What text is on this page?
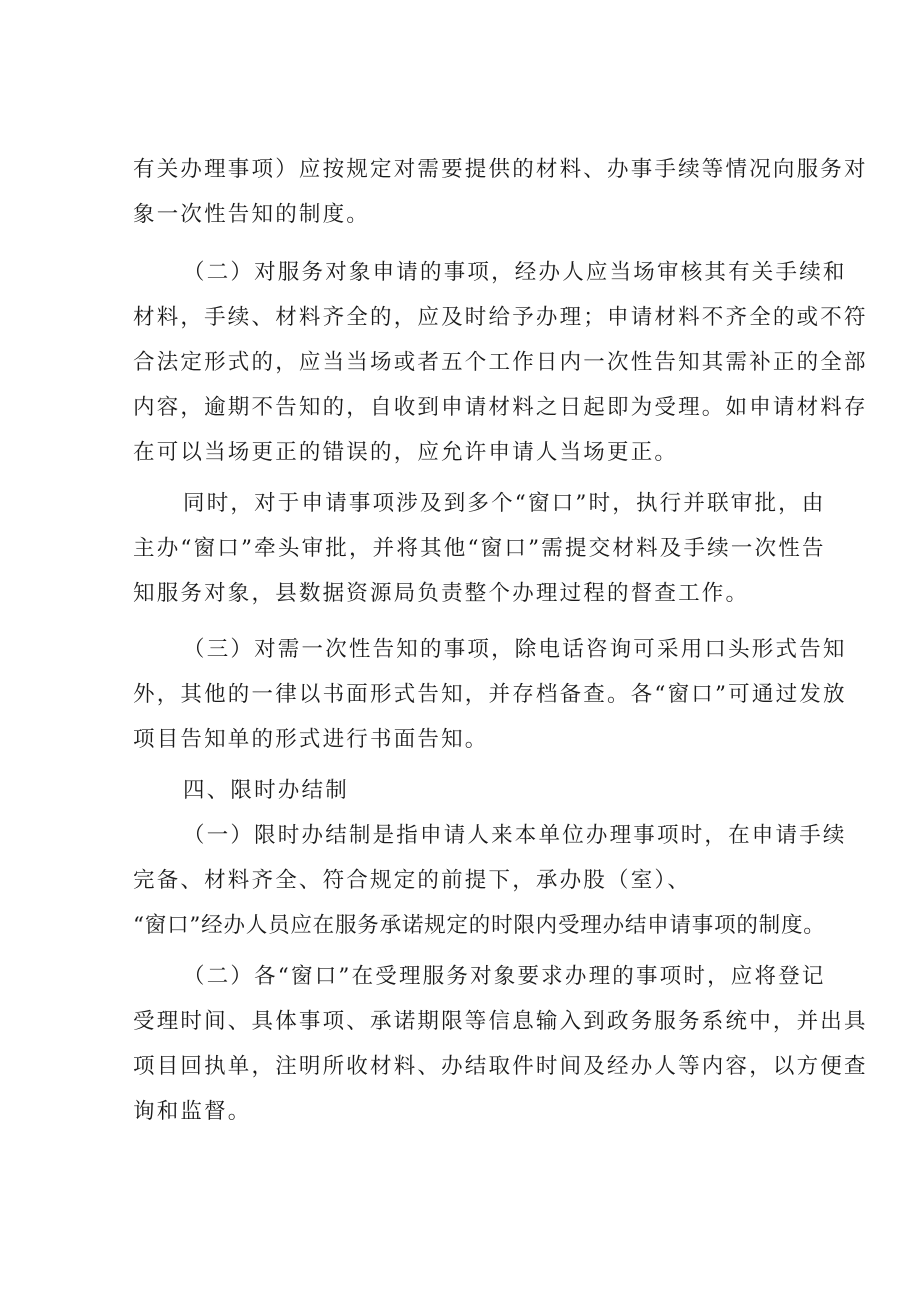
有关办理事项）应按规定对需要提供的材料、办事手续等情况向服务对
象一次性告知的制度。
（二）对服务对象申请的事项，经办人应当场审核其有关手续和
材料，手续、材料齐全的，应及时给予办理；申请材料不齐全的或不符
合法定形式的，应当当场或者五个工作日内一次性告知其需补正的全部
内容，逾期不告知的，自收到申请材料之日起即为受理。如申请材料存
在可以当场更正的错误的，应允许申请人当场更正。
同时，对于申请事项涉及到多个“窗口”时，执行并联审批，由
主办“窗口”牵头审批，并将其他“窗口”需提交材料及手续一次性告
知服务对象，县数据资源局负责整个办理过程的督查工作。
（三）对需一次性告知的事项，除电话咨询可采用口头形式告知
外，其他的一律以书面形式告知，并存档备查。各“窗口”可通过发放
项目告知单的形式进行书面告知。
四、限时办结制
（一）限时办结制是指申请人来本单位办理事项时，在申请手续
完备、材料齐全、符合规定的前提下，承办股（室）、
“窗口”经办人员应在服务承诺规定的时限内受理办结申请事项的制度。
（二）各“窗口”在受理服务对象要求办理的事项时，应将登记
受理时间、具体事项、承诺期限等信息输入到政务服务系统中，并出具
项目回执单，注明所收材料、办结取件时间及经办人等内容，以方便查
询和监督。
